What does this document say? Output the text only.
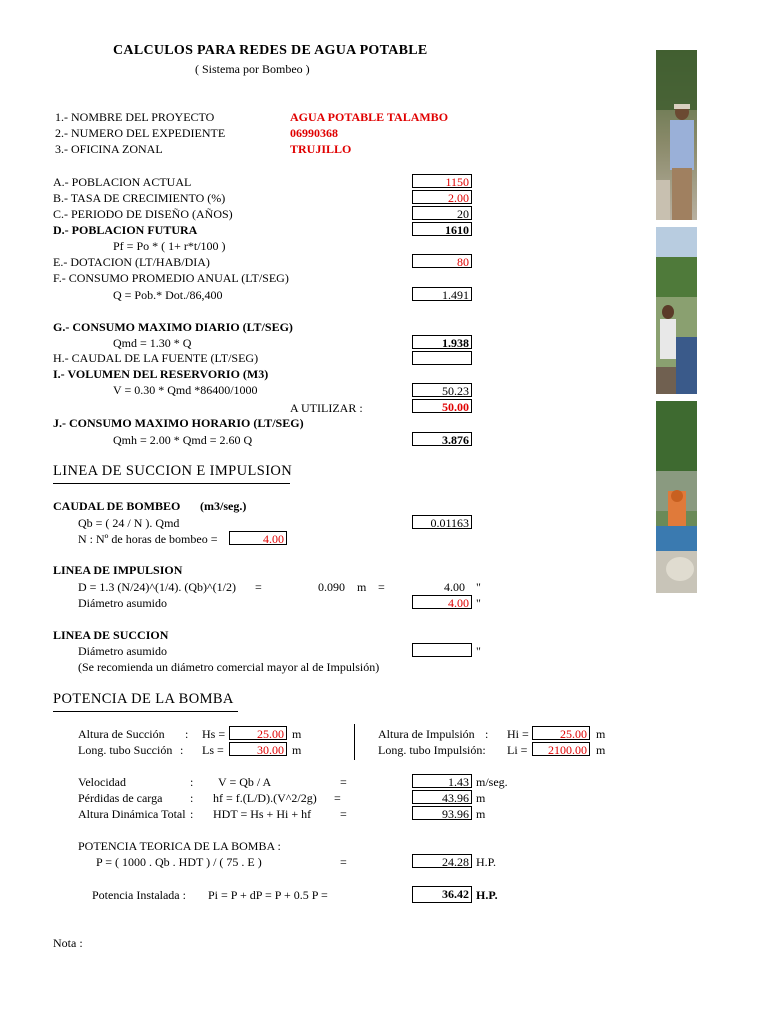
CALCULOS PARA REDES DE AGUA POTABLE
( Sistema por Bombeo )
1.- NOMBRE DEL PROYECTO	AGUA POTABLE TALAMBO
2.- NUMERO DEL EXPEDIENTE	06990368
3.- OFICINA ZONAL	TRUJILLO
A.- POBLACION ACTUAL	1150
B.- TASA DE CRECIMIENTO (%)	2.00
C.- PERIODO DE DISEÑO (AÑOS)	20
D.- POBLACION FUTURA	1610
Pf = Po * ( 1+ r*t/100 )
E.- DOTACION (LT/HAB/DIA)	80
F.- CONSUMO PROMEDIO ANUAL (LT/SEG)
Q = Pob.* Dot./86,400	1.491
G.- CONSUMO MAXIMO DIARIO (LT/SEG)
Qmd = 1.30 * Q	1.938
H.- CAUDAL DE LA FUENTE (LT/SEG)
I.- VOLUMEN DEL RESERVORIO (M3)
V = 0.30 * Qmd *86400/1000	50.23
A UTILIZAR :	50.00
J.- CONSUMO MAXIMO HORARIO (LT/SEG)
Qmh = 2.00 * Qmd = 2.60 Q	3.876
LINEA DE SUCCION E IMPULSION
CAUDAL DE BOMBEO (m3/seg.)
Qb = ( 24 / N ). Qmd	0.01163
N : Nº de horas de bombeo =	4.00
LINEA DE IMPULSION
D = 1.3 (N/24)^(1/4). (Qb)^(1/2) =	0.090 m =	4.00 "
Diámetro asumido	4.00 "
LINEA DE SUCCION
Diámetro asumido	"
(Se recomienda un diámetro comercial mayor al de Impulsión)
POTENCIA DE LA BOMBA
Altura de Succión : Hs =	25.00 m
Long. tubo Succión : Ls =	30.00 m
Altura de Impulsión : Hi =	25.00 m
Long. tubo Impulsión: Li =	2100.00 m
Velocidad	: V = Qb / A	=	1.43 m/seg.
Pérdidas de carga : hf = f.(L/D).(V^2/2g) =	43.96 m
Altura Dinámica Total : HDT = Hs + Hi + hf =	93.96 m
POTENCIA TEORICA DE LA BOMBA :
P = ( 1000 . Qb . HDT ) / ( 75 . E )	=	24.28 H.P.
Potencia Instalada : Pi = P + dP = P + 0.5 P =	36.42 H.P.
Nota :
